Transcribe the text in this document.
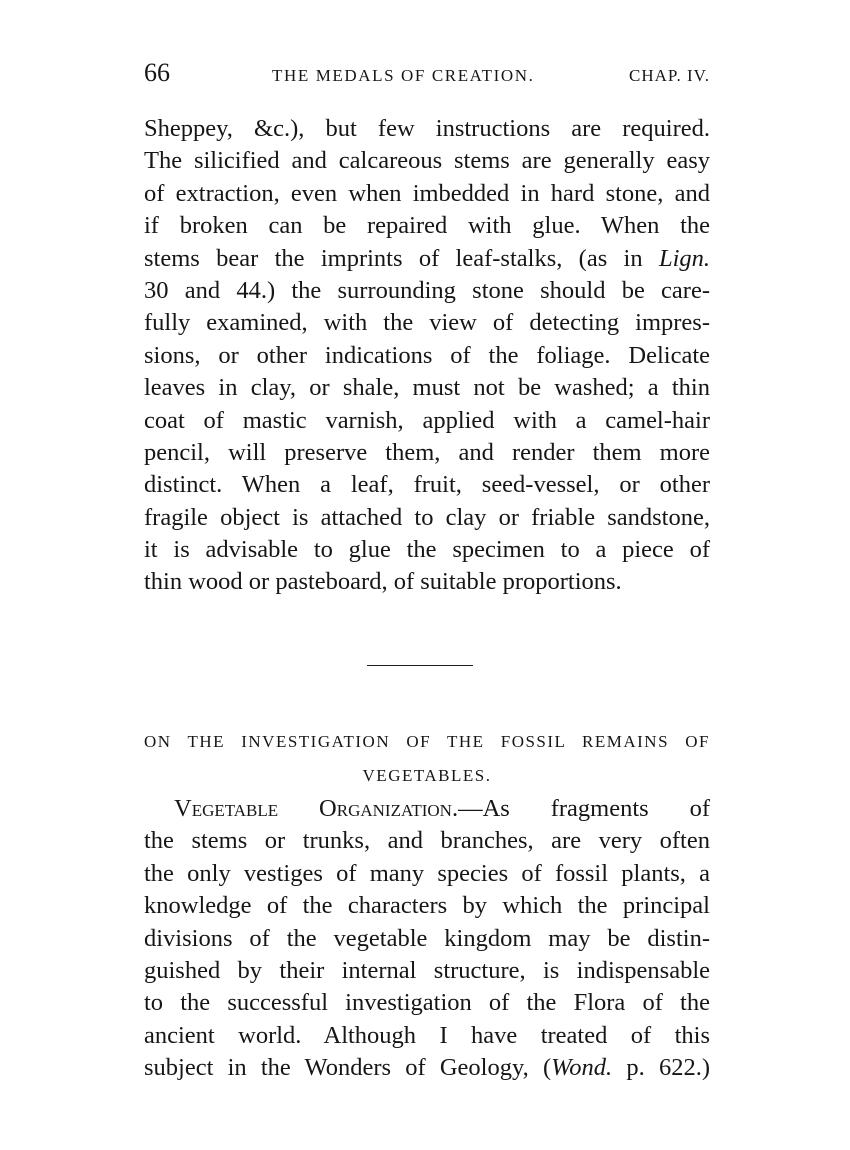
66	THE MEDALS OF CREATION.	CHAP. IV.
Sheppey, &c.), but few instructions are required.
The silicified and calcareous stems are generally easy
of extraction, even when imbedded in hard stone, and
if broken can be repaired with glue. When the
stems bear the imprints of leaf-stalks, (as in Lign.
30 and 44.) the surrounding stone should be care-
fully examined, with the view of detecting impres-
sions, or other indications of the foliage. Delicate
leaves in clay, or shale, must not be washed; a thin
coat of mastic varnish, applied with a camel-hair
pencil, will preserve them, and render them more
distinct. When a leaf, fruit, seed-vessel, or other
fragile object is attached to clay or friable sandstone,
it is advisable to glue the specimen to a piece of
thin wood or pasteboard, of suitable proportions.
ON THE INVESTIGATION OF THE FOSSIL REMAINS OF
VEGETABLES.
Vegetable Organization.—As fragments of
the stems or trunks, and branches, are very often
the only vestiges of many species of fossil plants, a
knowledge of the characters by which the principal
divisions of the vegetable kingdom may be distin-
guished by their internal structure, is indispensable
to the successful investigation of the Flora of the
ancient world. Although I have treated of this
subject in the Wonders of Geology, (Wond. p. 622.)
